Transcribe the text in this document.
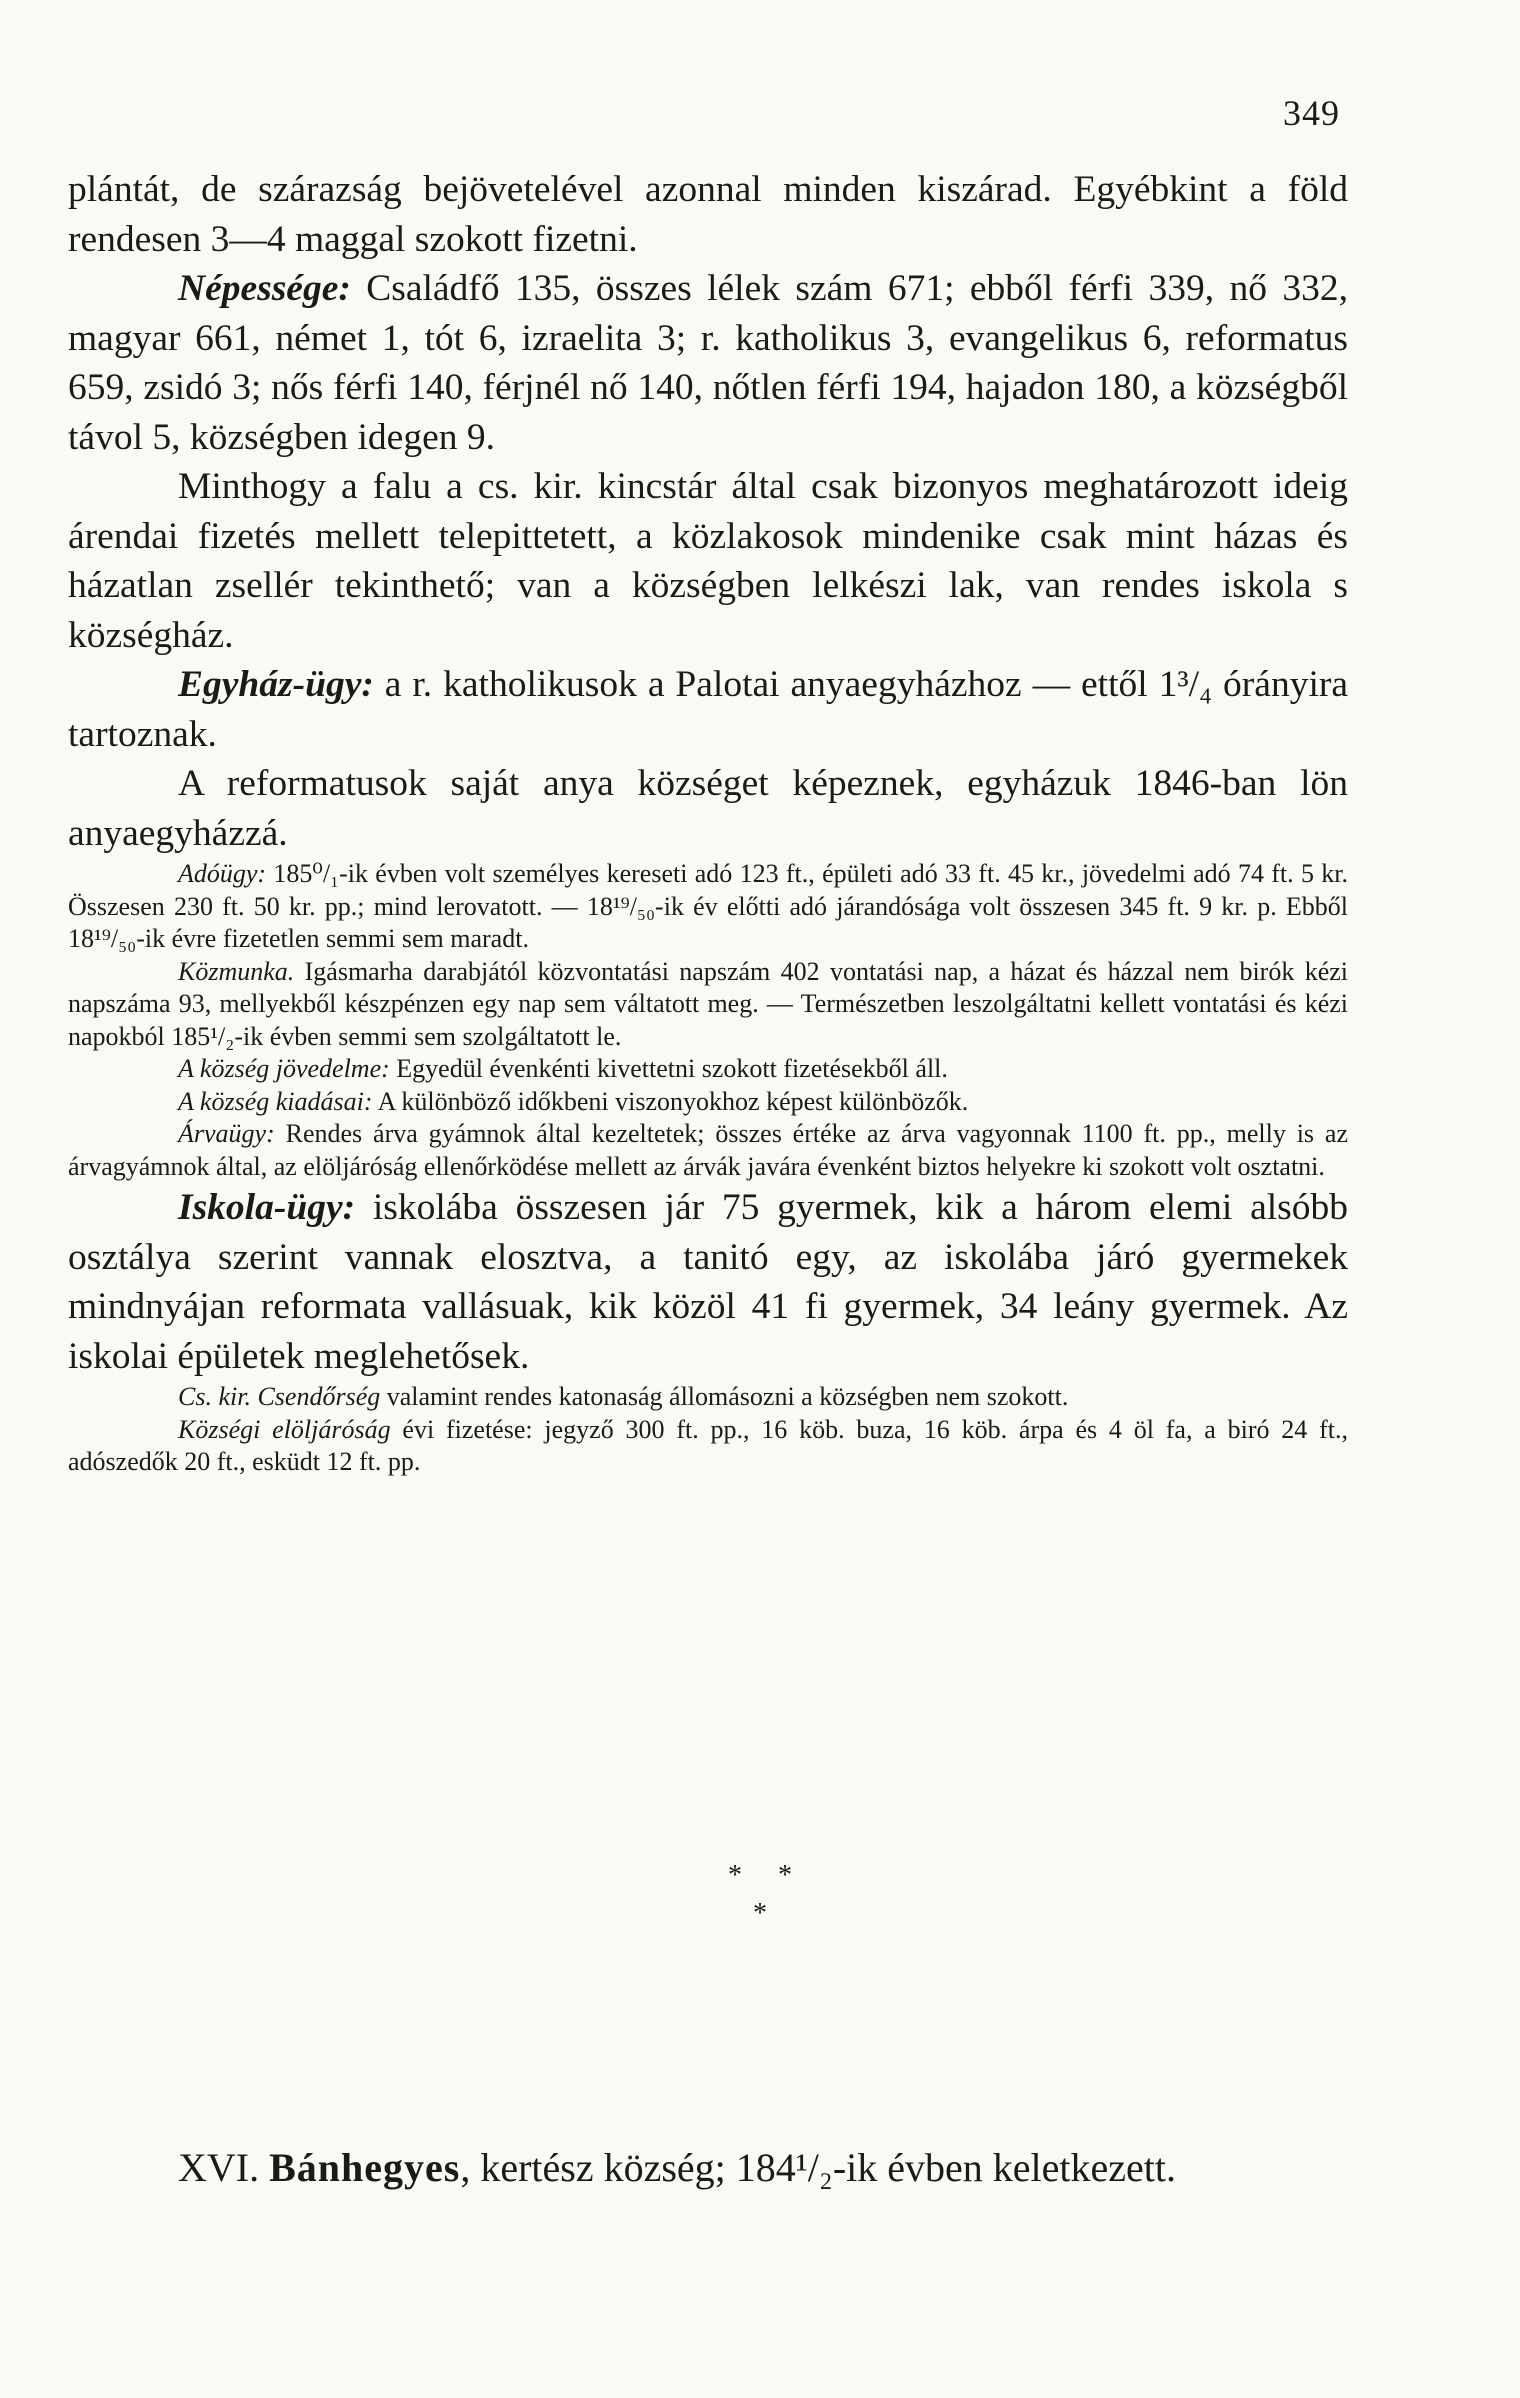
349

plántát, de szárazság bejövetelével azonnal minden kiszárad. Egyébkint a föld rendesen 3—4 maggal szokott fizetni.

Népessége: Családfő 135, összes lélek szám 671; ebből férfi 339, nő 332, magyar 661, német 1, tót 6, izraelita 3; r. katholikus 3, evangelikus 6, reformatus 659, zsidó 3; nős férfi 140, férjnél nő 140, nőtlen férfi 194, hajadon 180, a községből távol 5, községben idegen 9.

Minthogy a falu a cs. kir. kincstár által csak bizonyos meghatározott ideig árendai fizetés mellett telepittetett, a közlakosok mindenike csak mint házas és házatlan zsellér tekinthető; van a községben lelkészi lak, van rendes iskola s községház.

Egyház-ügy: a r. katholikusok a Palotai anyaegyházhoz — ettől 1³/₄ órányira tartoznak.

A reformatusok saját anya községet képeznek, egyházuk 1846-ban lön anyaegyházzá.

Adóügy: 185⁰/₁-ik évben volt személyes kereseti adó 123 ft., épületi adó 33 ft. 45 kr., jövedelmi adó 74 ft. 5 kr. Összesen 230 ft. 50 kr. pp.; mind lerovatott. — 18¹⁹/₅₀-ik év előtti adó járandósága volt összesen 345 ft. 9 kr. p. Ebből 18¹⁹/₅₀-ik évre fizetetlen semmi sem maradt.

Közmunka. Igásmarha darabjától közvontatási napszám 402 vontatási nap, a házat és házzal nem birók kézi napszáma 93, mellyekből készpénzen egy nap sem váltatott meg. — Természetben leszolgáltatni kellett vontatási és kézi napokból 185¹/₂-ik évben semmi sem szolgáltatott le.

A község jövedelme: Egyedül évenkénti kivettetni szokott fizetésekből áll.

A község kiadásai: A különböző időkbeni viszonyokhoz képest különbözők.

Árvaügy: Rendes árva gyámnok által kezeltetek; összes értéke az árva vagyonnak 1100 ft. pp., melly is az árvagyámnok által, az elöljáróság ellenőrködése mellett az árvák javára évenként biztos helyekre ki szokott volt osztatni.

Iskola-ügy: iskolába összesen jár 75 gyermek, kik a három elemi alsóbb osztálya szerint vannak elosztva, a tanitó egy, az iskolába járó gyermekek mindnyájan reformata vallásuak, kik közöl 41 fi gyermek, 34 leány gyermek. Az iskolai épületek meglehetősek.

Cs. kir. Csendőrség valamint rendes katonaság állomásozni a községben nem szokott.

Községi elöljáróság évi fizetése: jegyző 300 ft. pp., 16 köb. buza, 16 köb. árpa és 4 öl fa, a biró 24 ft., adószedők 20 ft., esküdt 12 ft. pp.

* *
*
XVI. Bánhegyes, kertész község; 184¹/₂-ik évben keletkezett.
